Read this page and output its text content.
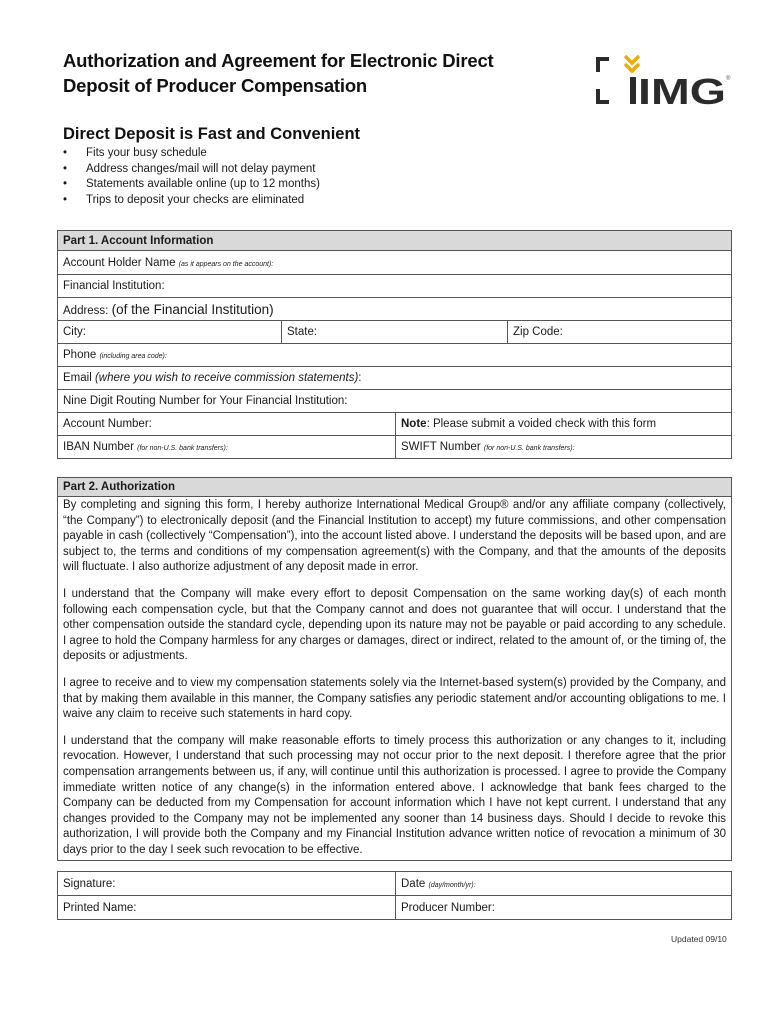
Authorization and Agreement for Electronic Direct
Deposit of Producer Compensation	IMG ®
Direct Deposit is Fast and Convenient
• Fits your busy schedule
• Address changes/mail will not delay payment
• Statements available online (up to 12 months)
• Trips to deposit your checks are eliminated
Part 1. Account Information			
Account Holder Name (as it appears on the account):			
Financial Institution:			
Address: (of the Financial Institution)			
City:	State:		Zip Code:
Phone (including area code):			
Email (where you wish to receive commission statements):			
Nine Digit Routing Number for Your Financial Institution:			
Account Number:		Note: Please submit a voided check with this form	
IBAN Number (for non-U.S. bank transfers):		SWIFT Number (for non-U.S. bank transfers):	
Part 2. Authorization

By completing and signing this form, I hereby authorize International Medical Group® and/or any affiliate company (collectively, “the Company”) to electronically deposit (and the Financial Institution to accept) my future commissions, and other compensation payable in cash (collectively “Compensation”), into the account listed above. I understand the deposits will be based upon, and are subject to, the terms and conditions of my compensation agreement(s) with the Company, and that the amounts of the deposits will fluctuate. I also authorize adjustment of any deposit made in error.

I understand that the Company will make every effort to deposit Compensation on the same working day(s) of each month following each compensation cycle, but that the Company cannot and does not guarantee that will occur. I understand that the other compensation outside the standard cycle, depending upon its nature may not be payable or paid according to any schedule. I agree to hold the Company harmless for any charges or damages, direct or indirect, related to the amount of, or the timing of, the deposits or adjustments.

I agree to receive and to view my compensation statements solely via the Internet-based system(s) provided by the Company, and that by making them available in this manner, the Company satisfies any periodic statement and/or accounting obligations to me. I waive any claim to receive such statements in hard copy.

I understand that the company will make reasonable efforts to timely process this authorization or any changes to it, including revocation. However, I understand that such processing may not occur prior to the next deposit. I therefore agree that the prior compensation arrangements between us, if any, will continue until this authorization is processed. I agree to provide the Company immediate written notice of any change(s) in the information entered above. I acknowledge that bank fees charged to the Company can be deducted from my Compensation for account information which I have not kept current. I understand that any changes provided to the Company may not be implemented any sooner than 14 business days. Should I decide to revoke this authorization, I will provide both the Company and my Financial Institution advance written notice of revocation a minimum of 30 days prior to the day I seek such revocation to be effective.

Signature:	Date (day/month/yr):
Printed Name:	Producer Number:
Updated 09/10
